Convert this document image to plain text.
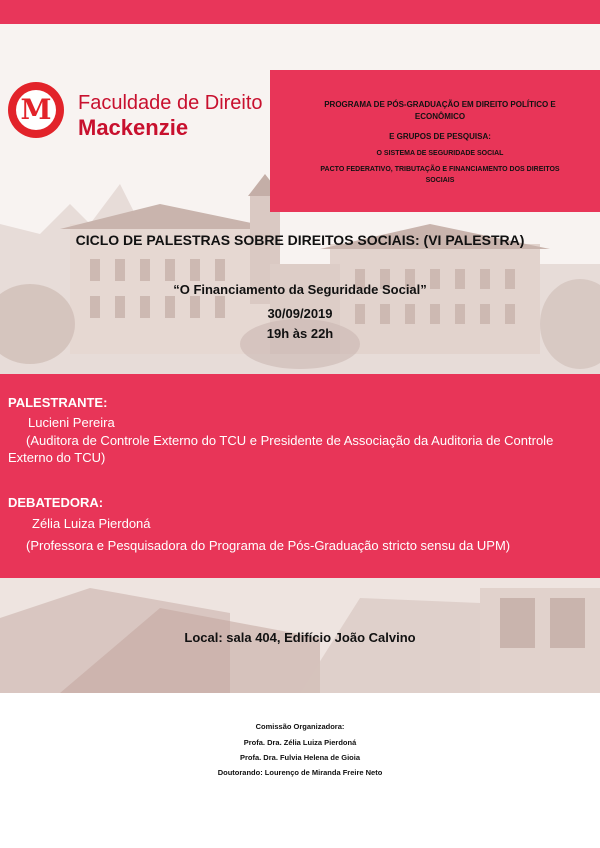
M Faculdade de Direito
Mackenzie
PROGRAMA DE PÓS-GRADUAÇÃO EM DIREITO POLÍTICO E
ECONÔMICO
E GRUPOS DE PESQUISA:
O SISTEMA DE SEGURIDADE SOCIAL
PACTO FEDERATIVO, TRIBUTAÇÃO E FINANCIAMENTO DOS DIREITOS
SOCIAIS
CICLO DE PALESTRAS SOBRE DIREITOS SOCIAIS: (VI PALESTRA)
“O Financiamento da Seguridade Social”
30/09/2019
19h às 22h
PALESTRANTE:
Lucieni Pereira
(Auditora de Controle Externo do TCU e Presidente de Associação da Auditoria de Controle
Externo do TCU)
DEBATEDORA:
Zélia Luiza Pierdoná
(Professora e Pesquisadora do Programa de Pós-Graduação stricto sensu da UPM)
Local: sala 404, Edifício João Calvino
Comissão Organizadora:
Profa. Dra. Zélia Luiza Pierdoná
Profa. Dra. Fulvia Helena de Gioia
Doutorando: Lourenço de Miranda Freire Neto
